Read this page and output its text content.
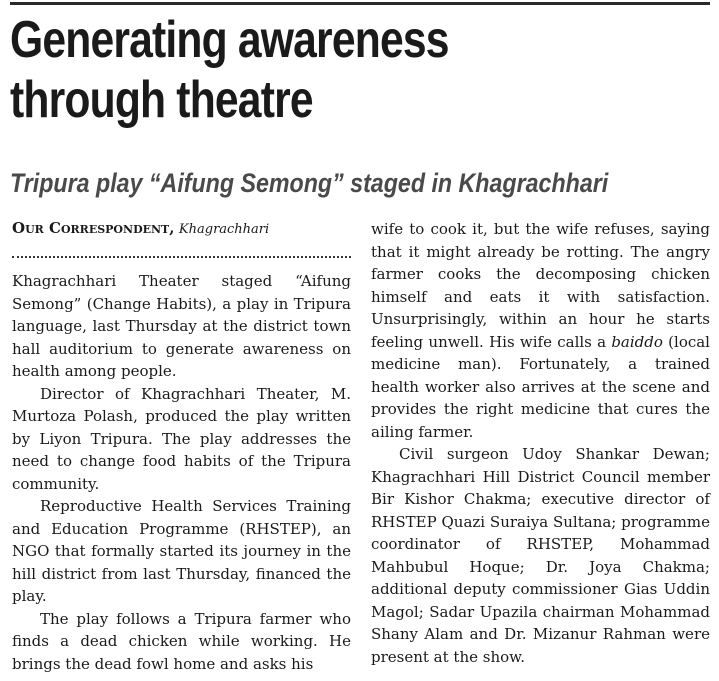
Generating awareness
through theatre
Tripura play “Aifung Semong” staged in Khagrachhari

Our Correspondent, Khagrachhari

Khagrachhari Theater staged “Aifung Semong” (Change Habits), a play in Tripura language, last Thursday at the district town hall auditorium to generate awareness on health among people.

Director of Khagrachhari Theater, M. Murtoza Polash, produced the play written by Liyon Tripura. The play addresses the need to change food habits of the Tripura community.

Reproductive Health Services Training and Education Programme (RHSTEP), an NGO that formally started its journey in the hill district from last Thursday, financed the play.

The play follows a Tripura farmer who finds a dead chicken while working. He brings the dead fowl home and asks his

wife to cook it, but the wife refuses, saying that it might already be rotting. The angry farmer cooks the decomposing chicken himself and eats it with satisfaction. Unsurprisingly, within an hour he starts feeling unwell. His wife calls a baiddo (local medicine man). Fortunately, a trained health worker also arrives at the scene and provides the right medicine that cures the ailing farmer.

Civil surgeon Udoy Shankar Dewan; Khagrachhari Hill District Council member Bir Kishor Chakma; executive director of RHSTEP Quazi Suraiya Sultana; programme coordinator of RHSTEP, Mohammad Mahbubul Hoque; Dr. Joya Chakma; additional deputy commissioner Gias Uddin Magol; Sadar Upazila chairman Mohammad Shany Alam and Dr. Mizanur Rahman were present at the show.
